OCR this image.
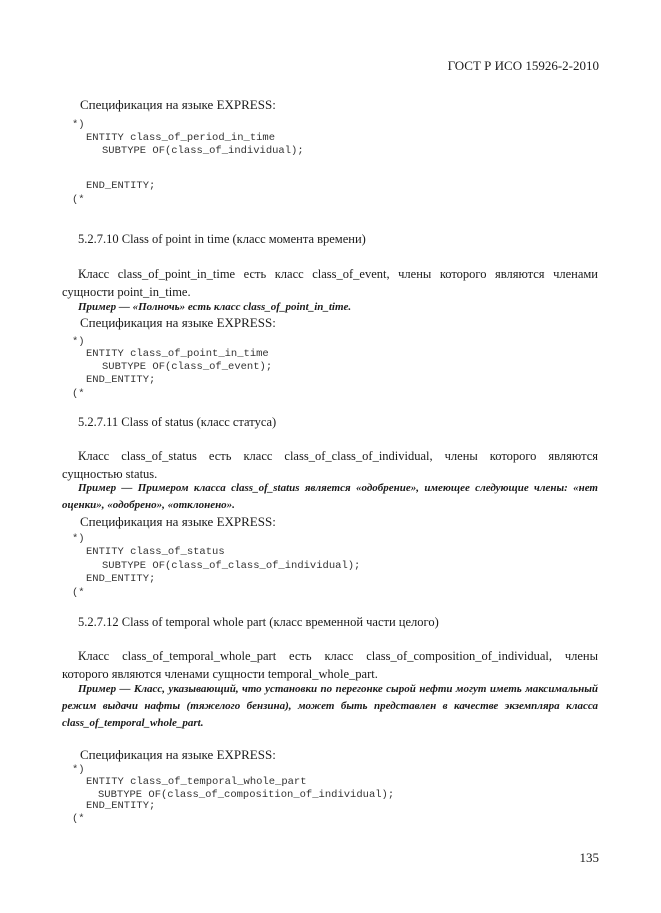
ГОСТ Р ИСО 15926-2-2010
Спецификация на языке EXPRESS:
*)
ENTITY class_of_period_in_time
SUBTYPE OF(class_of_individual);
END_ENTITY;
(*
5.2.7.10 Class of point in time (класс момента времени)
Класс class_of_point_in_time есть класс class_of_event, члены которого являются членами сущности point_in_time.
Пример — «Полночь» есть класс class_of_point_in_time.
Спецификация на языке EXPRESS:
*)
ENTITY class_of_point_in_time
SUBTYPE OF(class_of_event);
END_ENTITY;
(*
5.2.7.11 Class of status (класс статуса)
Класс class_of_status есть класс class_of_class_of_individual, члены которого являются сущностью status.
Пример — Примером класса class_of_status является «одобрение», имеющее следующие члены: «нет оценки», «одобрено», «отклонено».
Спецификация на языке EXPRESS:
*)
ENTITY class_of_status
SUBTYPE OF(class_of_class_of_individual);
END_ENTITY;
(*
5.2.7.12 Class of temporal whole part (класс временной части целого)
Класс class_of_temporal_whole_part есть класс class_of_composition_of_individual, члены которого являются членами сущности temporal_whole_part.
Пример — Класс, указывающий, что установки по перегонке сырой нефти могут иметь максимальный режим выдачи нафты (тяжелого бензина), может быть представлен в качестве экземпляра класса class_of_temporal_whole_part.
Спецификация на языке EXPRESS:
*)
ENTITY class_of_temporal_whole_part
SUBTYPE OF(class_of_composition_of_individual);
END_ENTITY;
(*
135
